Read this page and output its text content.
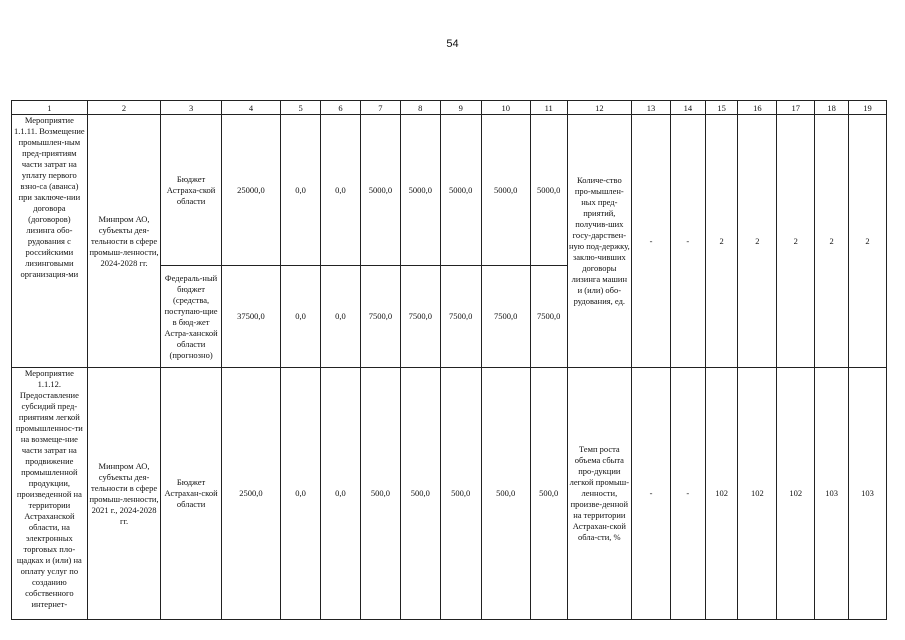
54
1	2	3	4	5	6	7	8	9	10	11	12	13	14	15	16	17	18	19
Мероприятие 1.1.11. Возмещение промышлен-ным пред-приятиям части затрат на уплату первого взно-са (аванса) при заключе-нии договора (договоров) лизинга обо-рудования с российскими лизинговыми организация-ми	Минпром АО, субъекты дея-тельности в сфере промыш-ленности, 2024-2028 гг.	Бюджет Астраха-ской области	25000,0	0,0	0,0	5000,0	5000,0	5000,0	5000,0	5000,0	Количе-ство про-мышлен-ных пред-приятий, получив-ших госу-дарствен-ную под-держку, заклю-чивших договоры лизинга машин и (или) обо-рудования, ед.	-	-	2	2	2	2	2
		Федераль-ный бюджет (средства, поступаю-щие в бюд-жет Астра-ханской области (прогнозно)	37500,0	0,0	0,0	7500,0	7500,0	7500,0	7500,0	7500,0								
Мероприятие 1.1.12. Предоставление субсидий пред-приятиям легкой промышленнос-ти на возмеще-ние части затрат на продвижение промышленной продукции, произведенной на территории Астраханской области, на электронных торговых пло-щадках и (или) на оплату услуг по созданию собственного интернет-	Минпром АО, субъекты дея-тельности в сфере промыш-ленности, 2021 г., 2024-2028 гг.	Бюджет Астрахан-ской области	2500,0	0,0	0,0	500,0	500,0	500,0	500,0	500,0	Темп роста объема сбыта про-дукции легкой промыш-ленности, произве-денной на территории Астрахан-ской обла-сти, %	-	-	102	102	102	103	103
